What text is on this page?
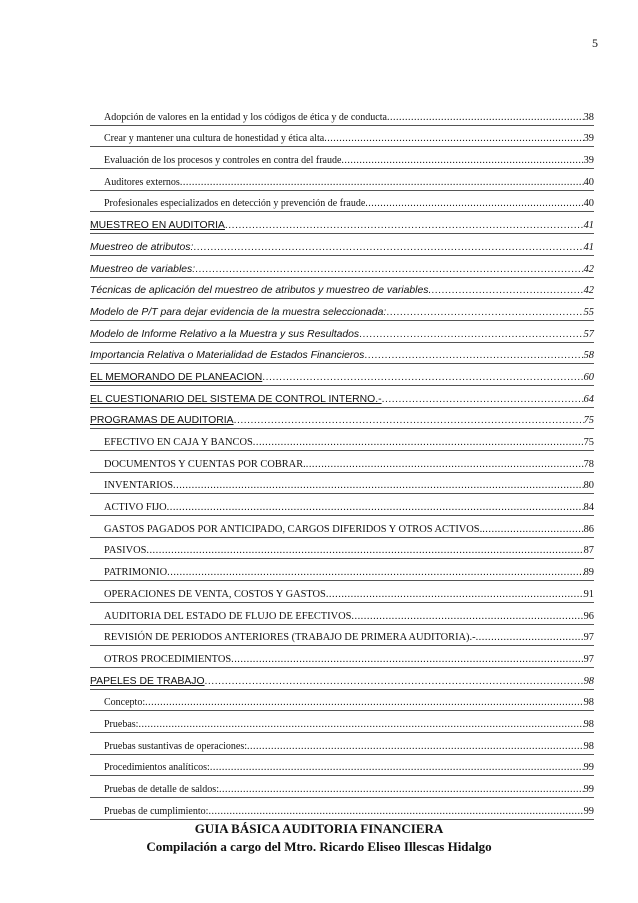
5
Adopción de valores en la entidad y los códigos de ética y de conducta .....	38
Crear y mantener una cultura de honestidad y ética alta .....	39
Evaluación de los procesos y controles en contra del fraude .....	39
Auditores externos .....	40
Profesionales especializados en detección y prevención de fraude .....	40
MUESTREO EN AUDITORIA .....	41
Muestreo de atributos: .....	41
Muestreo de variables: .....	42
Técnicas de aplicación del muestreo de atributos y muestreo de variables. .....	42
Modelo de P/T para dejar evidencia de la muestra seleccionada: .....	55
Modelo de Informe Relativo a la Muestra y sus Resultados .....	57
Importancia Relativa o Materialidad de Estados Financieros .....	58
EL MEMORANDO DE PLANEACION .....	60
EL CUESTIONARIO DEL SISTEMA DE CONTROL INTERNO.- .....	64
PROGRAMAS DE AUDITORIA .....	75
EFECTIVO EN CAJA Y BANCOS .....	75
DOCUMENTOS Y CUENTAS POR COBRAR. .....	78
INVENTARIOS .....	80
ACTIVO FIJO .....	84
GASTOS PAGADOS POR ANTICIPADO, CARGOS DIFERIDOS Y OTROS ACTIVOS. .....	86
PASIVOS .....	87
PATRIMONIO .....	89
OPERACIONES DE VENTA, COSTOS Y GASTOS .....	91
AUDITORIA DEL ESTADO DE FLUJO DE EFECTIVOS .....	96
REVISIÓN DE PERIODOS ANTERIORES (TRABAJO DE PRIMERA AUDITORIA).- .....	97
OTROS PROCEDIMIENTOS .....	97
PAPELES DE TRABAJO .....	98
Concepto: .....	98
Pruebas: .....	98
Pruebas sustantivas de operaciones: .....	98
Procedimientos analíticos: .....	99
Pruebas de detalle de saldos: .....	99
Pruebas de cumplimiento: .....	99
GUIA BÁSICA AUDITORIA FINANCIERA
Compilación a cargo del Mtro. Ricardo Eliseo Illescas Hidalgo
